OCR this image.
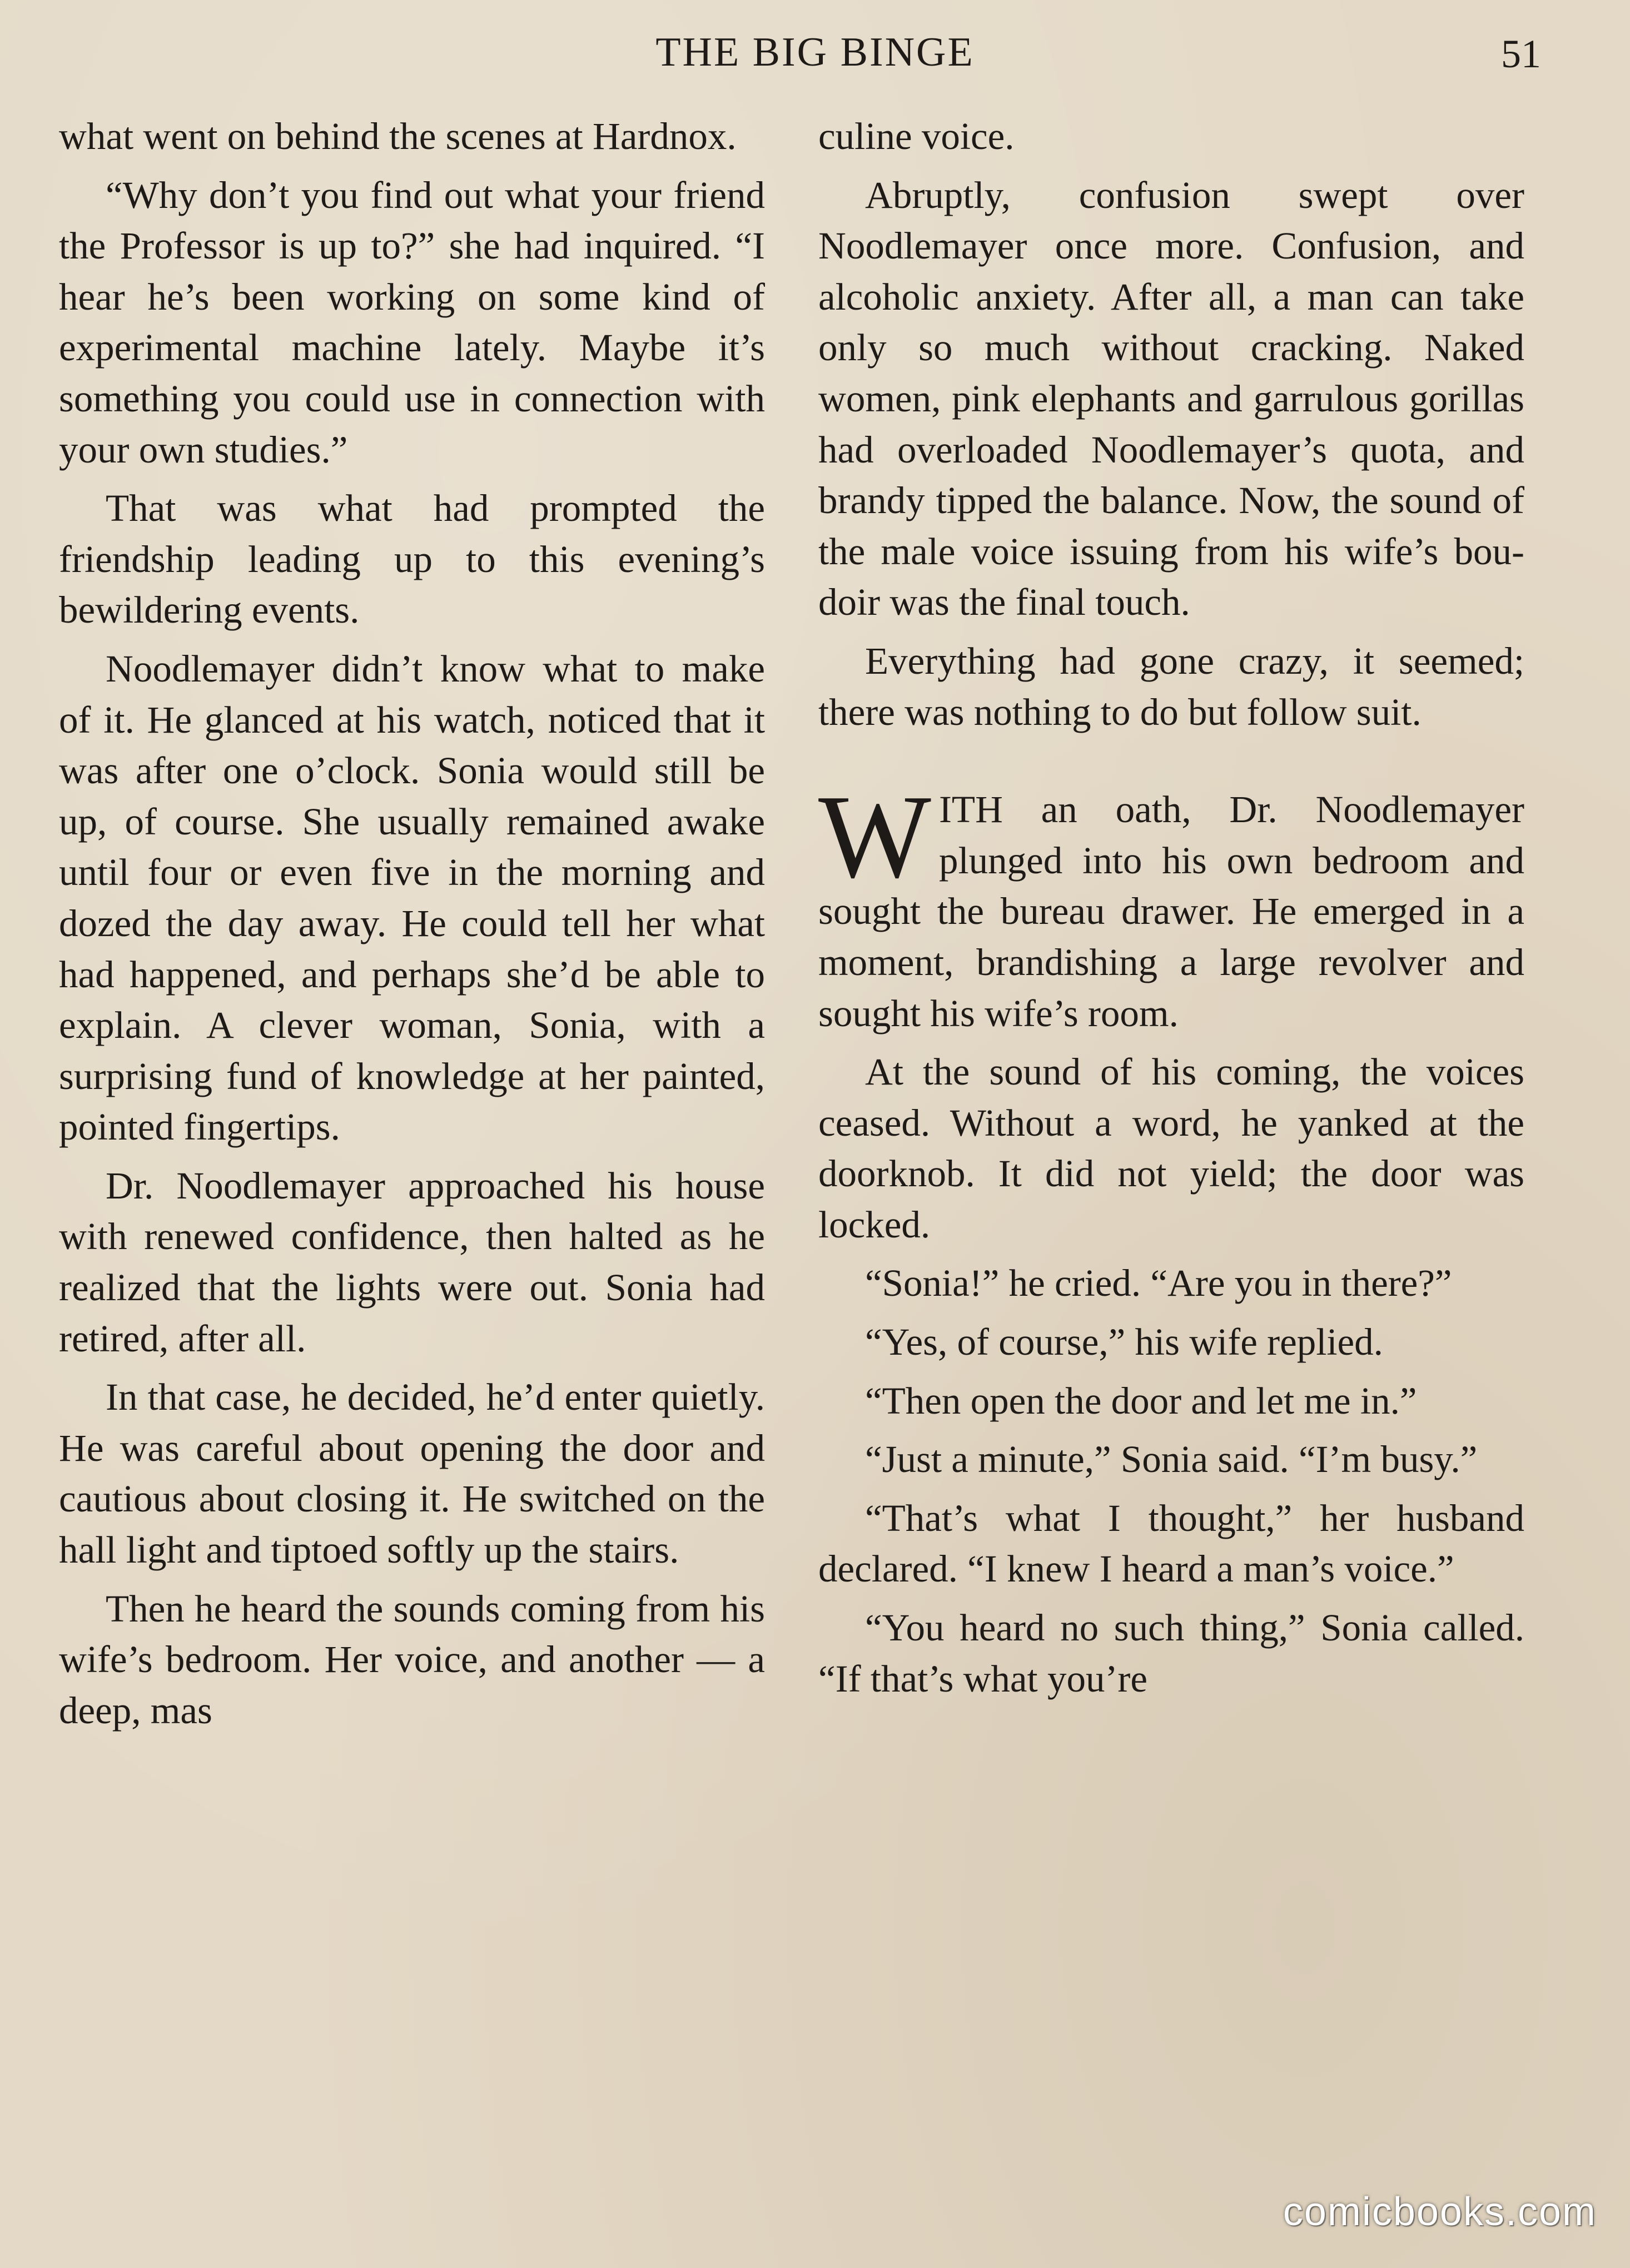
THE BIG BINGE	51

what went on behind the scenes at Hardnox.

“Why don’t you find out what your friend the Professor is up to?” she had inquired. “I hear he’s been working on some kind of experimental machine lately. Maybe it’s something you could use in connection with your own studies.”

That was what had prompted the friendship leading up to this evening’s bewildering events.

Noodlemayer didn’t know what to make of it. He glanced at his watch, noticed that it was after one o’clock. Sonia would still be up, of course. She usually remained awake until four or even five in the morning and dozed the day away. He could tell her what had happened, and perhaps she’d be able to explain. A clever woman, Sonia, with a surprising fund of knowledge at her painted, pointed fingertips.

Dr. Noodlemayer approached his house with renewed confidence, then halted as he realized that the lights were out. Sonia had retired, after all.

In that case, he decided, he’d enter quietly. He was careful about opening the door and cautious about closing it. He switched on the hall light and tiptoed softly up the stairs.

Then he heard the sounds coming from his wife’s bedroom. Her voice, and another — a deep, mas

culine voice.

Abruptly, confusion swept over Noodlemayer once more. Confusion, and alcoholic anxiety. After all, a man can take only so much without cracking. Naked women, pink elephants and garrulous gorillas had overloaded Noodlemayer’s quota, and brandy tipped the balance. Now, the sound of the male voice issuing from his wife’s boudoir was the final touch.

Everything had gone crazy, it seemed; there was nothing to do but follow suit.

WITH an oath, Dr. Noodlemayer plunged into his own bedroom and sought the bureau drawer. He emerged in a moment, brandishing a large revolver and sought his wife’s room.

At the sound of his coming, the voices ceased. Without a word, he yanked at the doorknob. It did not yield; the door was locked.

“Sonia!” he cried. “Are you in there?”

“Yes, of course,” his wife replied.

“Then open the door and let me in.”

“Just a minute,” Sonia said. “I’m busy.”

“That’s what I thought,” her husband declared. “I knew I heard a man’s voice.”

“You heard no such thing,” Sonia called. “If that’s what you’re

comicbooks.com
